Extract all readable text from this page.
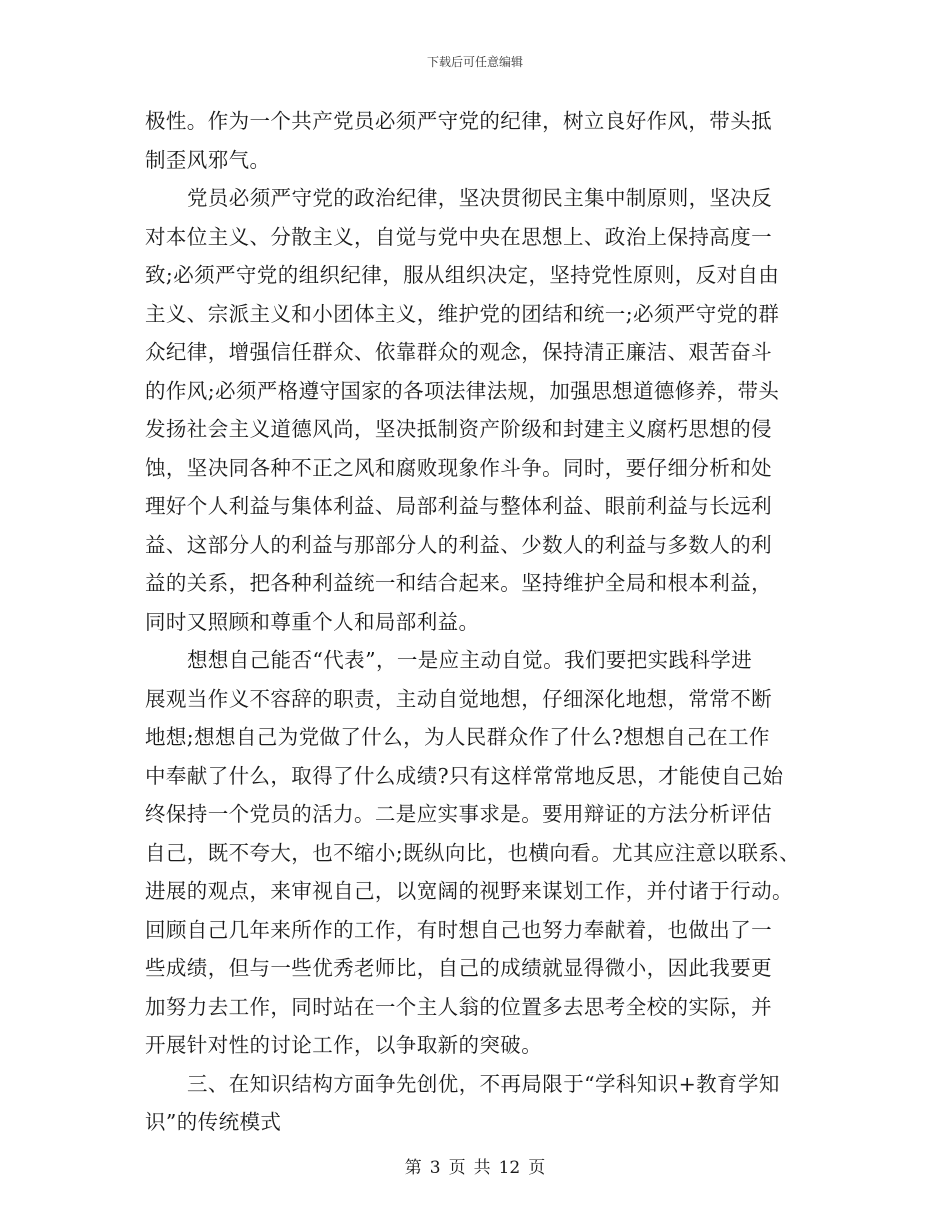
下载后可任意编辑
极性。作为一个共产党员必须严守党的纪律，树立良好作风，带头抵
制歪风邪气。
党员必须严守党的政治纪律，坚决贯彻民主集中制原则，坚决反
对本位主义、分散主义，自觉与党中央在思想上、政治上保持高度一
致;必须严守党的组织纪律，服从组织决定，坚持党性原则，反对自由
主义、宗派主义和小团体主义，维护党的团结和统一;必须严守党的群
众纪律，增强信任群众、依靠群众的观念，保持清正廉洁、艰苦奋斗
的作风;必须严格遵守国家的各项法律法规，加强思想道德修养，带头
发扬社会主义道德风尚，坚决抵制资产阶级和封建主义腐朽思想的侵
蚀，坚决同各种不正之风和腐败现象作斗争。同时，要仔细分析和处
理好个人利益与集体利益、局部利益与整体利益、眼前利益与长远利
益、这部分人的利益与那部分人的利益、少数人的利益与多数人的利
益的关系，把各种利益统一和结合起来。坚持维护全局和根本利益，
同时又照顾和尊重个人和局部利益。
想想自己能否“代表”，一是应主动自觉。我们要把实践科学进
展观当作义不容辞的职责，主动自觉地想，仔细深化地想，常常不断
地想;想想自己为党做了什么，为人民群众作了什么?想想自己在工作
中奉献了什么，取得了什么成绩?只有这样常常地反思，才能使自己始
终保持一个党员的活力。二是应实事求是。要用辩证的方法分析评估
自己，既不夸大，也不缩小;既纵向比，也横向看。尤其应注意以联系、
进展的观点，来审视自己，以宽阔的视野来谋划工作，并付诸于行动。
回顾自己几年来所作的工作，有时想自己也努力奉献着，也做出了一
些成绩，但与一些优秀老师比，自己的成绩就显得微小，因此我要更
加努力去工作，同时站在一个主人翁的位置多去思考全校的实际，并
开展针对性的讨论工作，以争取新的突破。
三、在知识结构方面争先创优，不再局限于“学科知识+教育学知
识”的传统模式
第 3 页 共 12 页
